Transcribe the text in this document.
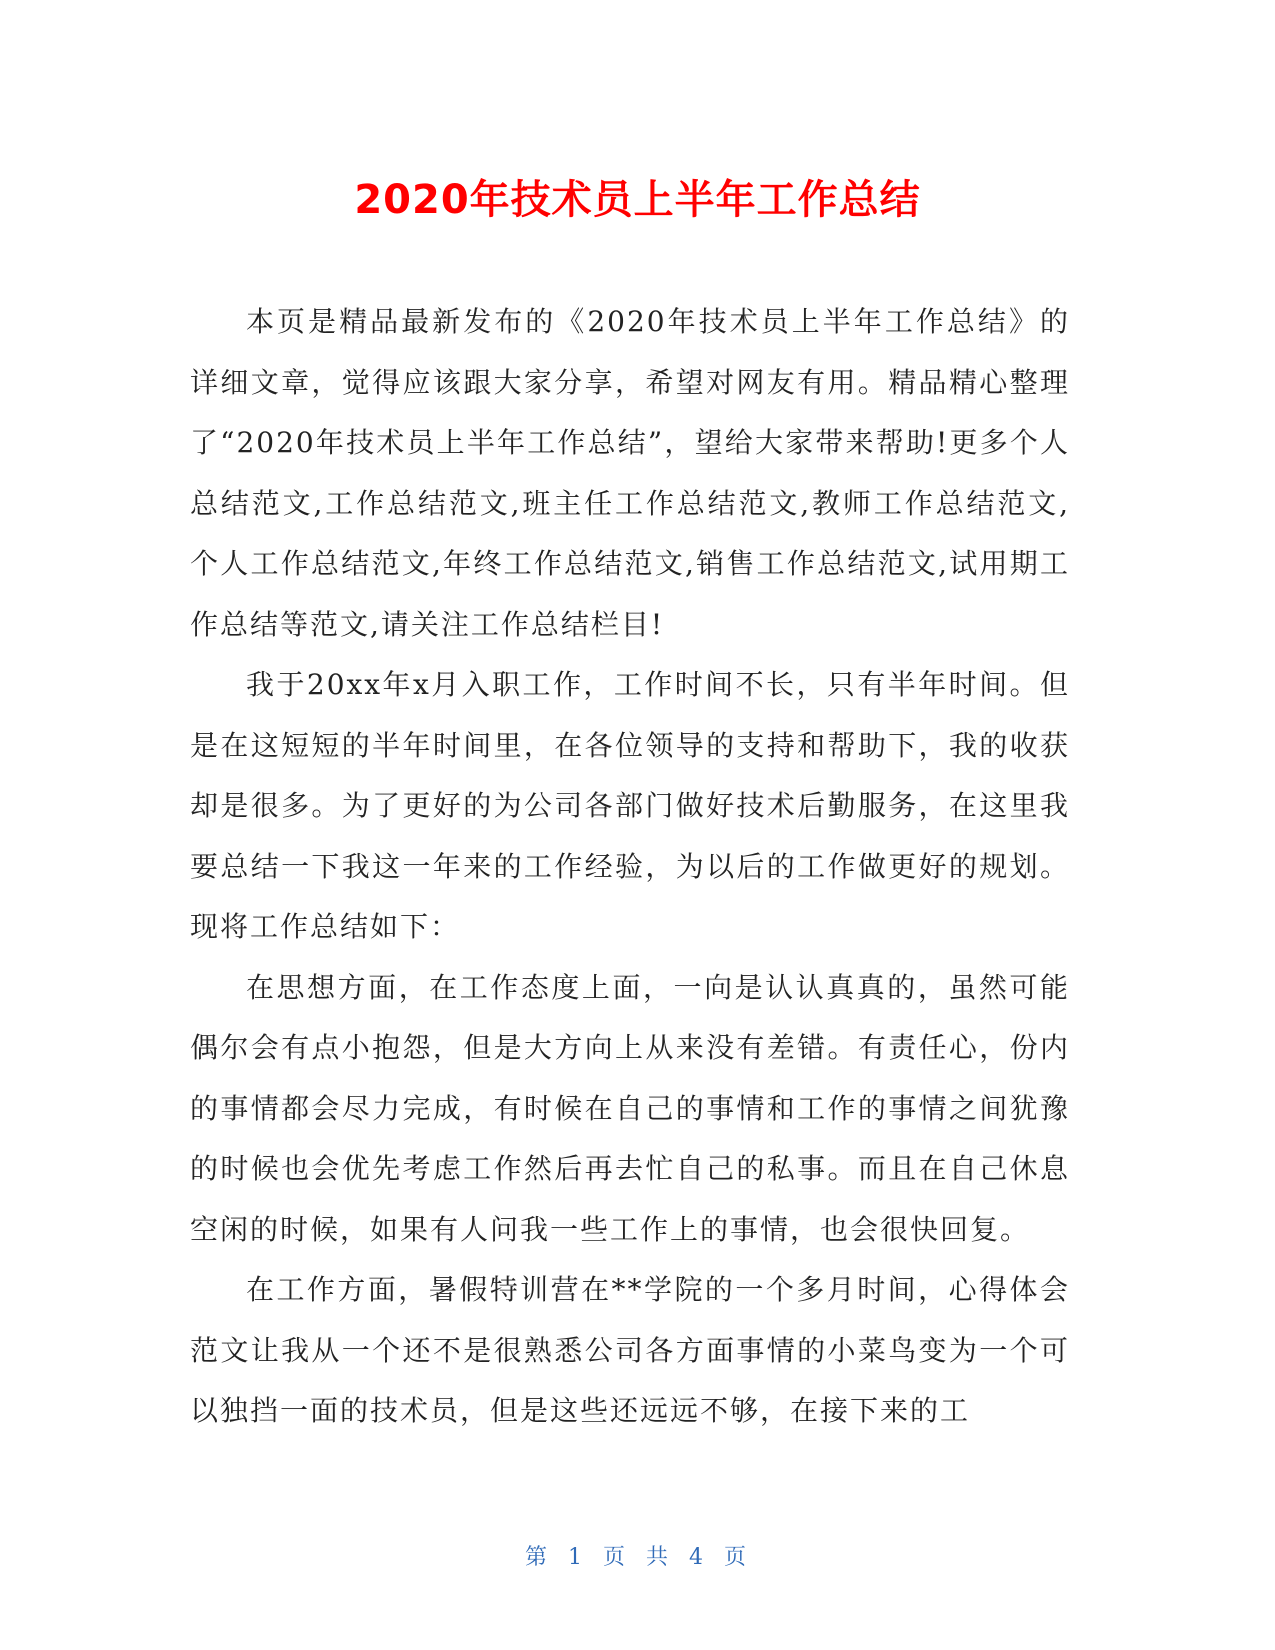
2020年技术员上半年工作总结

本页是精品最新发布的《2020年技术员上半年工作总结》的详细文章，觉得应该跟大家分享，希望对网友有用。精品精心整理了“2020年技术员上半年工作总结”，望给大家带来帮助!更多个人总结范文,工作总结范文,班主任工作总结范文,教师工作总结范文,个人工作总结范文,年终工作总结范文,销售工作总结范文,试用期工作总结等范文,请关注工作总结栏目!

我于20xx年x月入职工作，工作时间不长，只有半年时间。但是在这短短的半年时间里，在各位领导的支持和帮助下，我的收获却是很多。为了更好的为公司各部门做好技术后勤服务，在这里我要总结一下我这一年来的工作经验，为以后的工作做更好的规划。现将工作总结如下：

在思想方面，在工作态度上面，一向是认认真真的，虽然可能偶尔会有点小抱怨，但是大方向上从来没有差错。有责任心，份内的事情都会尽力完成，有时候在自己的事情和工作的事情之间犹豫的时候也会优先考虑工作然后再去忙自己的私事。而且在自己休息空闲的时候，如果有人问我一些工作上的事情，也会很快回复。

在工作方面，暑假特训营在**学院的一个多月时间，心得体会范文让我从一个还不是很熟悉公司各方面事情的小菜鸟变为一个可以独挡一面的技术员，但是这些还远远不够，在接下来的工

第 1 页 共 4 页
